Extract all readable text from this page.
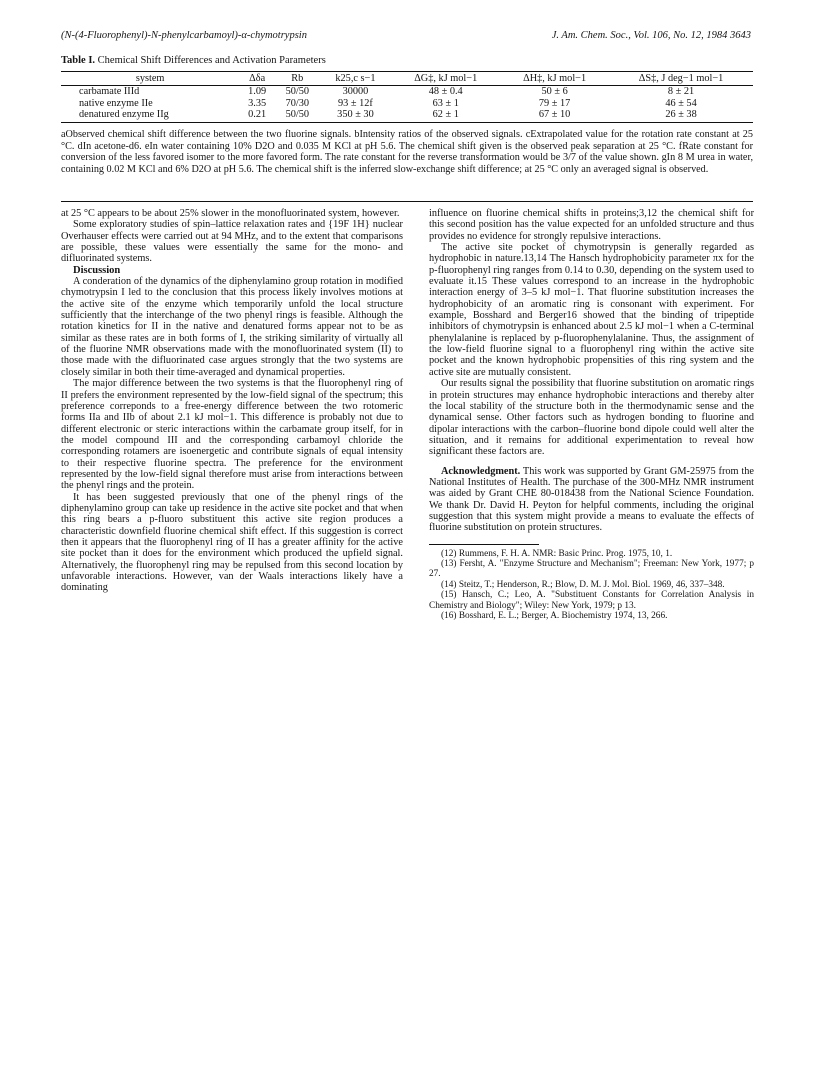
(N-(4-Fluorophenyl)-N-phenylcarbamoyl)-α-chymotrypsin	J. Am. Chem. Soc., Vol. 106, No. 12, 1984 3643
Table I. Chemical Shift Differences and Activation Parameters
system	Δδa	Rb	k25,c s−1	ΔG‡, kJ mol−1	ΔH‡, kJ mol−1	ΔS‡, J deg−1 mol−1
carbamate IIId	1.09	50/50	30000	48 ± 0.4	50 ± 6	8 ± 21
native enzyme IIe	3.35	70/30	93 ± 12f	63 ± 1	79 ± 17	46 ± 54
denatured enzyme IIg	0.21	50/50	350 ± 30	62 ± 1	67 ± 10	26 ± 38
aObserved chemical shift difference between the two fluorine signals. bIntensity ratios of the observed signals. cExtrapolated value for the rotation rate constant at 25 °C. dIn acetone-d6. eIn water containing 10% D2O and 0.035 M KCl at pH 5.6. The chemical shift given is the observed peak separation at 25 °C. fRate constant for conversion of the less favored isomer to the more favored form. The rate constant for the reverse transformation would be 3/7 of the value shown. gIn 8 M urea in water, containing 0.02 M KCl and 6% D2O at pH 5.6. The chemical shift is the inferred slow-exchange shift difference; at 25 °C only an averaged signal is observed.

at 25 °C appears to be about 25% slower in the monofluorinated system, however.

Some exploratory studies of spin–lattice relaxation rates and {19F 1H} nuclear Overhauser effects were carried out at 94 MHz, and to the extent that comparisons are possible, these values were essentially the same for the mono- and difluorinated systems.

Discussion

A conderation of the dynamics of the diphenylamino group rotation in modified chymotrypsin I led to the conclusion that this process likely involves motions at the active site of the enzyme which temporarily unfold the local structure sufficiently that the interchange of the two phenyl rings is feasible. Although the rotation kinetics for II in the native and denatured forms appear not to be as similar as these rates are in both forms of I, the striking similarity of virtually all of the fluorine NMR observations made with the monofluorinated system (II) to those made with the difluorinated case argues strongly that the two systems are closely similar in both their time-averaged and dynamical properties.

The major difference between the two systems is that the fluorophenyl ring of II prefers the environment represented by the low-field signal of the spectrum; this preference correponds to a free-energy difference between the two rotomeric forms IIa and IIb of about 2.1 kJ mol−1. This difference is probably not due to different electronic or steric interactions within the carbamate group itself, for in the model compound III and the corresponding carbamoyl chloride the corresponding rotamers are isoenergetic and contribute signals of equal intensity to their respective fluorine spectra. The preference for the environment represented by the low-field signal therefore must arise from interactions between the phenyl rings and the protein.

It has been suggested previously that one of the phenyl rings of the diphenylamino group can take up residence in the active site pocket and that when this ring bears a p-fluoro substituent this active site region produces a characteristic downfield fluorine chemical shift effect. If this suggestion is correct then it appears that the fluorophenyl ring of II has a greater affinity for the active site pocket than it does for the environment which produced the upfield signal. Alternatively, the fluorophenyl ring may be repulsed from this second location by unfavorable interactions. However, van der Waals interactions likely have a dominating

influence on fluorine chemical shifts in proteins;3,12 the chemical shift for this second position has the value expected for an unfolded structure and thus provides no evidence for strongly repulsive interactions.

The active site pocket of chymotrypsin is generally regarded as hydrophobic in nature.13,14 The Hansch hydrophobicity parameter πx for the p-fluorophenyl ring ranges from 0.14 to 0.30, depending on the system used to evaluate it.15 These values correspond to an increase in the hydrophobic interaction energy of 3–5 kJ mol−1. That fluorine substitution increases the hydrophobicity of an aromatic ring is consonant with experiment. For example, Bosshard and Berger16 showed that the binding of tripeptide inhibitors of chymotrypsin is enhanced about 2.5 kJ mol−1 when a C-terminal phenylalanine is replaced by p-fluorophenylalanine. Thus, the assignment of the low-field fluorine signal to a fluorophenyl ring within the active site pocket and the known hydrophobic propensities of this ring system and the active site are mutually consistent.

Our results signal the possibility that fluorine substitution on aromatic rings in protein structures may enhance hydrophobic interactions and thereby alter the local stability of the structure both in the thermodynamic sense and the dynamical sense. Other factors such as hydrogen bonding to fluorine and dipolar interactions with the carbon–fluorine bond dipole could well alter the situation, and it remains for additional experimentation to reveal how significant these factors are.

Acknowledgment. This work was supported by Grant GM-25975 from the National Institutes of Health. The purchase of the 300-MHz NMR instrument was aided by Grant CHE 80-018438 from the National Science Foundation. We thank Dr. David H. Peyton for helpful comments, including the original suggestion that this system might provide a means to evaluate the effects of fluorine substitution on protein structures.

(12) Rummens, F. H. A. NMR: Basic Princ. Prog. 1975, 10, 1.

(13) Fersht, A. "Enzyme Structure and Mechanism"; Freeman: New York, 1977; p 27.

(14) Steitz, T.; Henderson, R.; Blow, D. M. J. Mol. Biol. 1969, 46, 337–348.

(15) Hansch, C.; Leo, A. "Substituent Constants for Correlation Analysis in Chemistry and Biology"; Wiley: New York, 1979; p 13.

(16) Bosshard, E. L.; Berger, A. Biochemistry 1974, 13, 266.
